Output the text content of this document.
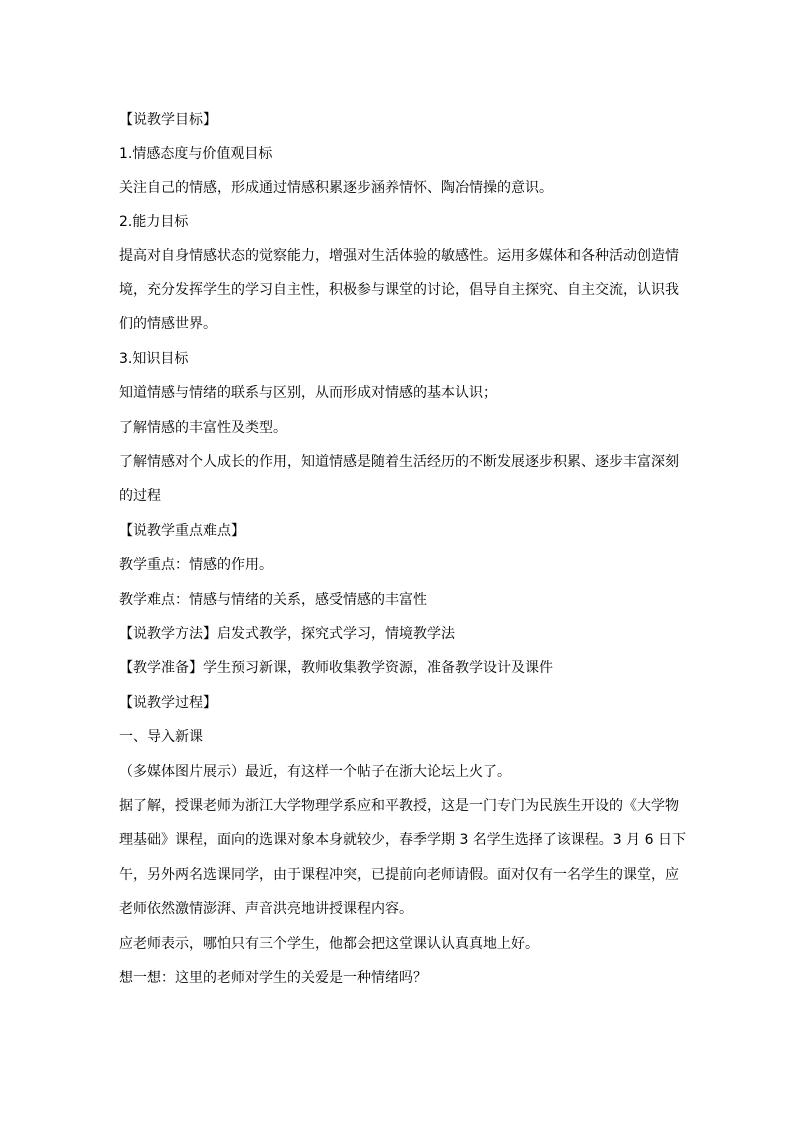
【说教学目标】
1.情感态度与价值观目标
关注自己的情感，形成通过情感积累逐步涵养情怀、陶冶情操的意识。
2.能力目标
提高对自身情感状态的觉察能力，增强对生活体验的敏感性。运用多媒体和各种活动创造情
境，充分发挥学生的学习自主性，积极参与课堂的讨论，倡导自主探究、自主交流，认识我
们的情感世界。
3.知识目标
知道情感与情绪的联系与区别，从而形成对情感的基本认识；
了解情感的丰富性及类型。
了解情感对个人成长的作用，知道情感是随着生活经历的不断发展逐步积累、逐步丰富深刻
的过程
【说教学重点难点】
教学重点：情感的作用。
教学难点：情感与情绪的关系，感受情感的丰富性
【说教学方法】启发式教学，探究式学习，情境教学法
【教学准备】学生预习新课，教师收集教学资源，准备教学设计及课件
【说教学过程】
一、导入新课
（多媒体图片展示）最近，有这样一个帖子在浙大论坛上火了。
据了解，授课老师为浙江大学物理学系应和平教授，这是一门专门为民族生开设的《大学物
理基础》课程，面向的选课对象本身就较少，春季学期 3 名学生选择了该课程。3 月 6 日下
午，另外两名选课同学，由于课程冲突，已提前向老师请假。面对仅有一名学生的课堂，应
老师依然激情澎湃、声音洪亮地讲授课程内容。
应老师表示，哪怕只有三个学生，他都会把这堂课认认真真地上好。
想一想：这里的老师对学生的关爱是一种情绪吗？
